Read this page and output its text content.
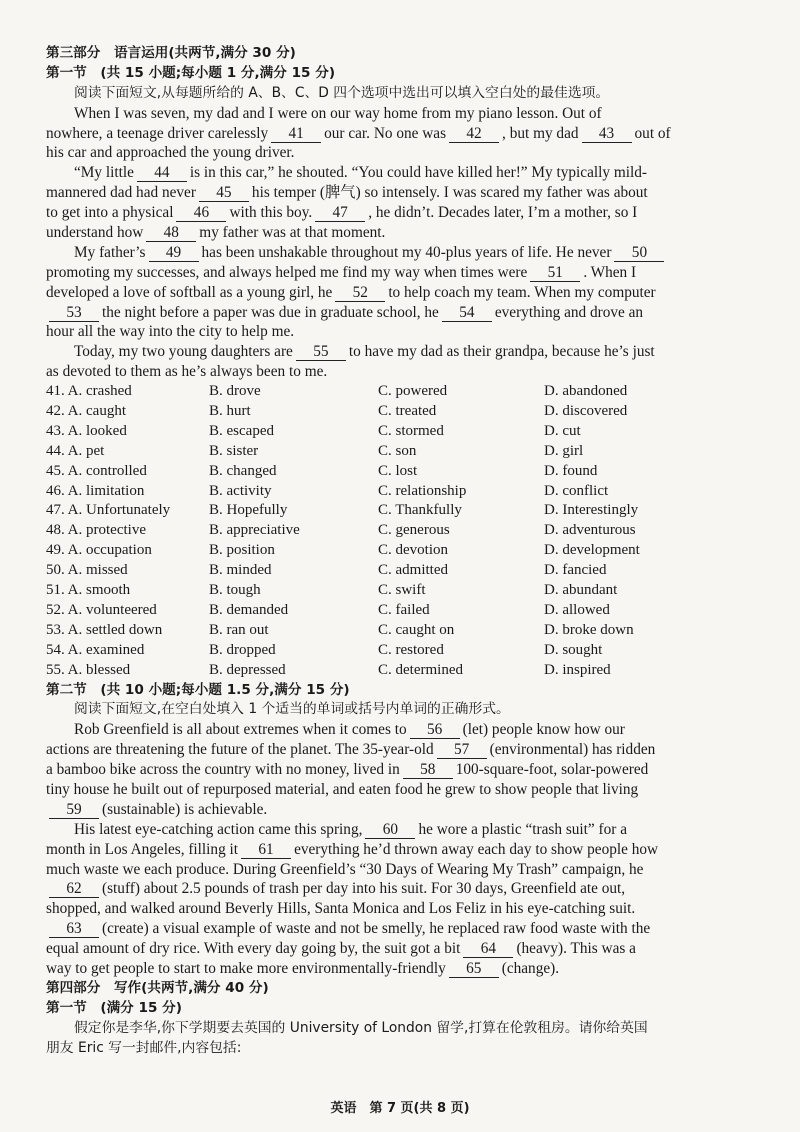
第三部分　语言运用(共两节,满分 30 分)
第一节　(共 15 小题;每小题 1 分,满分 15 分)
阅读下面短文,从每题所给的 A、B、C、D 四个选项中选出可以填入空白处的最佳选项。
When I was seven, my dad and I were on our way home from my piano lesson. Out of
nowhere, a teenage driver carelessly 41 our car. No one was 42 , but my dad 43 out of
his car and approached the young driver.
“My little 44 is in this car,” he shouted. “You could have killed her!” My typically mild-
mannered dad had never 45 his temper (脾气) so intensely. I was scared my father was about
to get into a physical 46 with this boy. 47 , he didn’t. Decades later, I’m a mother, so I
understand how 48 my father was at that moment.
My father’s 49 has been unshakable throughout my 40-plus years of life. He never 50
promoting my successes, and always helped me find my way when times were 51 . When I
developed a love of softball as a young girl, he 52 to help coach my team. When my computer
53 the night before a paper was due in graduate school, he 54 everything and drove an
hour all the way into the city to help me.
Today, my two young daughters are 55 to have my dad as their grandpa, because he’s just
as devoted to them as he’s always been to me.
41. A. crashed	B. drove	C. powered	D. abandoned
42. A. caught	B. hurt	C. treated	D. discovered
43. A. looked	B. escaped	C. stormed	D. cut
44. A. pet	B. sister	C. son	D. girl
45. A. controlled	B. changed	C. lost	D. found
46. A. limitation	B. activity	C. relationship	D. conflict
47. A. Unfortunately	B. Hopefully	C. Thankfully	D. Interestingly
48. A. protective	B. appreciative	C. generous	D. adventurous
49. A. occupation	B. position	C. devotion	D. development
50. A. missed	B. minded	C. admitted	D. fancied
51. A. smooth	B. tough	C. swift	D. abundant
52. A. volunteered	B. demanded	C. failed	D. allowed
53. A. settled down	B. ran out	C. caught on	D. broke down
54. A. examined	B. dropped	C. restored	D. sought
55. A. blessed	B. depressed	C. determined	D. inspired
第二节　(共 10 小题;每小题 1.5 分,满分 15 分)
阅读下面短文,在空白处填入 1 个适当的单词或括号内单词的正确形式。
Rob Greenfield is all about extremes when it comes to 56 (let) people know how our
actions are threatening the future of the planet. The 35-year-old 57 (environmental) has ridden
a bamboo bike across the country with no money, lived in 58 100-square-foot, solar-powered
tiny house he built out of repurposed material, and eaten food he grew to show people that living
59 (sustainable) is achievable.
His latest eye-catching action came this spring, 60 he wore a plastic “trash suit” for a
month in Los Angeles, filling it 61 everything he’d thrown away each day to show people how
much waste we each produce. During Greenfield’s “30 Days of Wearing My Trash” campaign, he
62 (stuff) about 2.5 pounds of trash per day into his suit. For 30 days, Greenfield ate out,
shopped, and walked around Beverly Hills, Santa Monica and Los Feliz in his eye-catching suit.
63 (create) a visual example of waste and not be smelly, he replaced raw food waste with the
equal amount of dry rice. With every day going by, the suit got a bit 64 (heavy). This was a
way to get people to start to make more environmentally-friendly 65 (change).
第四部分　写作(共两节,满分 40 分)
第一节　(满分 15 分)
假定你是李华,你下学期要去英国的 University of London 留学,打算在伦敦租房。请你给英国
朋友 Eric 写一封邮件,内容包括:
英语　第 7 页(共 8 页)
